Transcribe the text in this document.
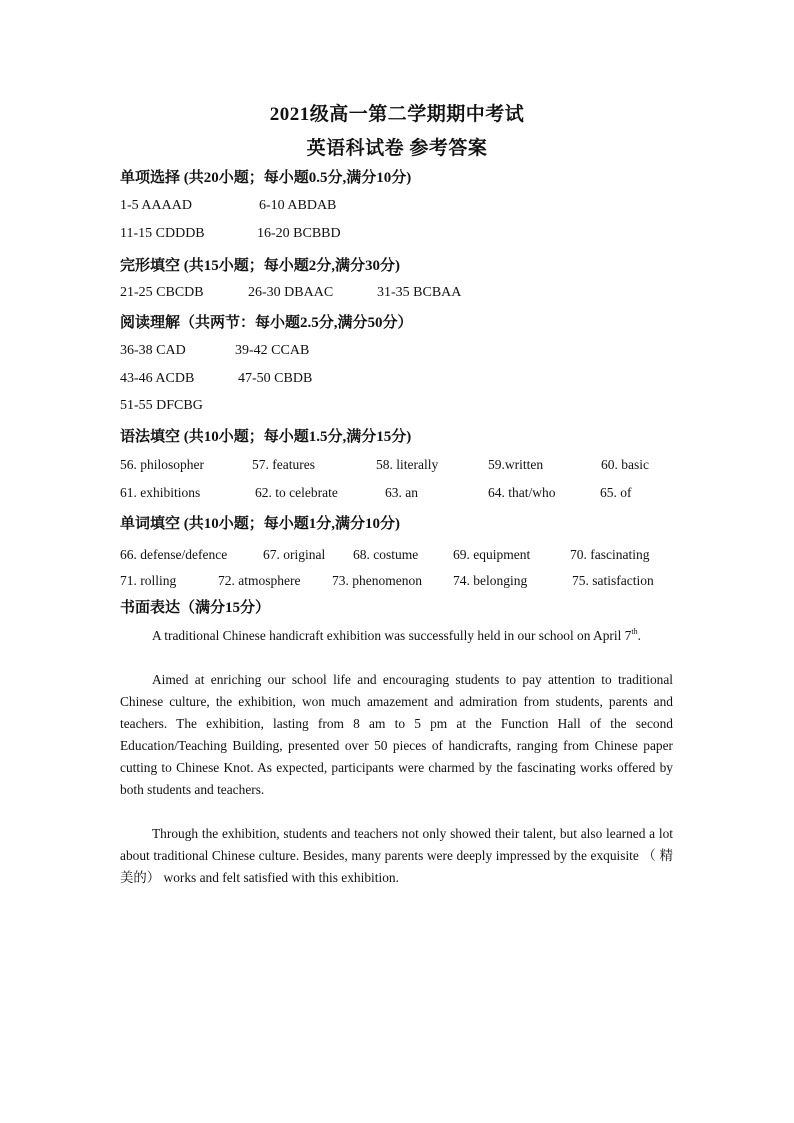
2021级高一第二学期期中考试
英语科试卷 参考答案
单项选择 (共20小题；每小题0.5分,满分10分)
1-5 AAAAD	6-10 ABDAB
11-15 CDDDB	16-20 BCBBD
完形填空 (共15小题；每小题2分,满分30分)
21-25 CBCDB	26-30 DBAAC	31-35 BCBAA
阅读理解（共两节：每小题2.5分,满分50分）
36-38 CAD	39-42 CCAB
43-46 ACDB	47-50 CBDB
51-55 DFCBG
语法填空 (共10小题；每小题1.5分,满分15分)
56. philosopher	57. features	58. literally	59.written	60. basic
61. exhibitions	62. to celebrate	63. an	64. that/who	65. of
单词填空 (共10小题；每小题1分,满分10分)
66. defense/defence	67. original 68. costume	69. equipment	70. fascinating
71. rolling	72. atmosphere 73. phenomenon 74. belonging	75. satisfaction
书面表达（满分15分）
A traditional Chinese handicraft exhibition was successfully held in our school on April 7th.
Aimed at enriching our school life and encouraging students to pay attention to traditional Chinese culture, the exhibition, won much amazement and admiration from students, parents and teachers. The exhibition, lasting from 8 am to 5 pm at the Function Hall of the second Education/Teaching Building, presented over 50 pieces of handicrafts, ranging from Chinese paper cutting to Chinese Knot. As expected, participants were charmed by the fascinating works offered by both students and teachers.
Through the exhibition, students and teachers not only showed their talent, but also learned a lot about traditional Chinese culture. Besides, many parents were deeply impressed by the exquisite （ 精美的） works and felt satisfied with this exhibition.
